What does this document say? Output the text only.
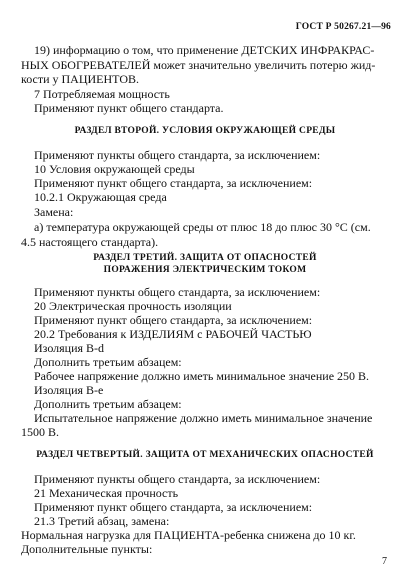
ГОСТ Р 50267.21—96
19) информацию о том, что применение ДЕТСКИХ ИНФРАКРАС-
НЫХ ОБОГРЕВАТЕЛЕЙ может значительно увеличить потерю жид-
кости у ПАЦИЕНТОВ.
7 Потребляемая мощность
Применяют пункт общего стандарта.
РАЗДЕЛ ВТОРОЙ. УСЛОВИЯ ОКРУЖАЮЩЕЙ СРЕДЫ
Применяют пункты общего стандарта, за исключением:
10 Условия окружающей среды
Применяют пункт общего стандарта, за исключением:
10.2.1 Окружающая среда
Замена:
а) температура окружающей среды от плюс 18 до плюс 30 °С (см.
4.5 настоящего стандарта).
РАЗДЕЛ ТРЕТИЙ. ЗАЩИТА ОТ ОПАСНОСТЕЙ
ПОРАЖЕНИЯ ЭЛЕКТРИЧЕСКИМ ТОКОМ
Применяют пункты общего стандарта, за исключением:
20 Электрическая прочность изоляции
Применяют пункт общего стандарта, за исключением:
20.2 Требования к ИЗДЕЛИЯМ с РАБОЧЕЙ ЧАСТЬЮ
Изоляция В-d
Дополнить третьим абзацем:
Рабочее напряжение должно иметь минимальное значение 250 В.
Изоляция В-е
Дополнить третьим абзацем:
Испытательное напряжение должно иметь минимальное значение
1500 В.
РАЗДЕЛ ЧЕТВЕРТЫЙ. ЗАЩИТА ОТ МЕХАНИЧЕСКИХ ОПАСНОСТЕЙ
Применяют пункты общего стандарта, за исключением:
21 Механическая прочность
Применяют пункт общего стандарта, за исключением:
21.3 Третий абзац, замена:
Нормальная нагрузка для ПАЦИЕНТА-ребенка снижена до 10 кг.
Дополнительные пункты:
7
